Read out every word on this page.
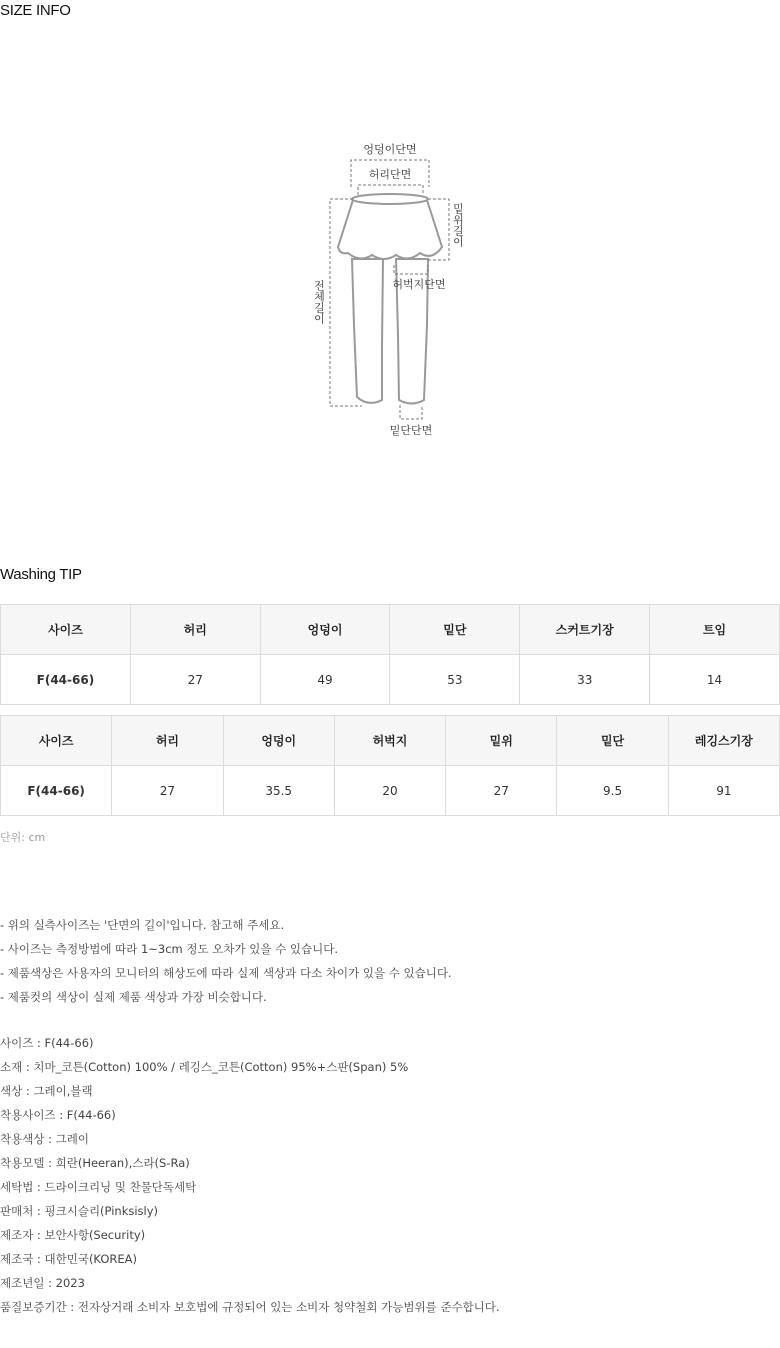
SIZE INFO
엉덩이단면
허리단면
밑위길이
전체길이	허벅지단면
밑단단면
Washing TIP
사이즈	허리	엉덩이	밑단	스커트기장	트임
F(44-66)	27	49	53	33	14
사이즈	허리	엉덩이	허벅지	밑위	밑단	레깅스기장
F(44-66)	27	35.5	20	27	9.5	91
단위: cm
- 위의 실측사이즈는 '단면의 길이'입니다. 참고해 주세요.
- 사이즈는 측정방법에 따라 1~3cm 정도 오차가 있을 수 있습니다.
- 제품색상은 사용자의 모니터의 해상도에 따라 실제 색상과 다소 차이가 있을 수 있습니다.
- 제품컷의 색상이 실제 제품 색상과 가장 비슷합니다.
사이즈 : F(44-66)
소재 : 치마_코튼(Cotton) 100% / 레깅스_코튼(Cotton) 95%+스판(Span) 5%
색상 : 그레이,블랙
착용사이즈 : F(44-66)
착용색상 : 그레이
착용모델 : 희란(Heeran),스라(S-Ra)
세탁법 : 드라이크리닝 및 찬물단독세탁
판매처 : 핑크시슬리(Pinksisly)
제조자 : 보안사항(Security)
제조국 : 대한민국(KOREA)
제조년일 : 2023
품질보증기간 : 전자상거래 소비자 보호법에 규정되어 있는 소비자 청약철회 가능범위를 준수합니다.
